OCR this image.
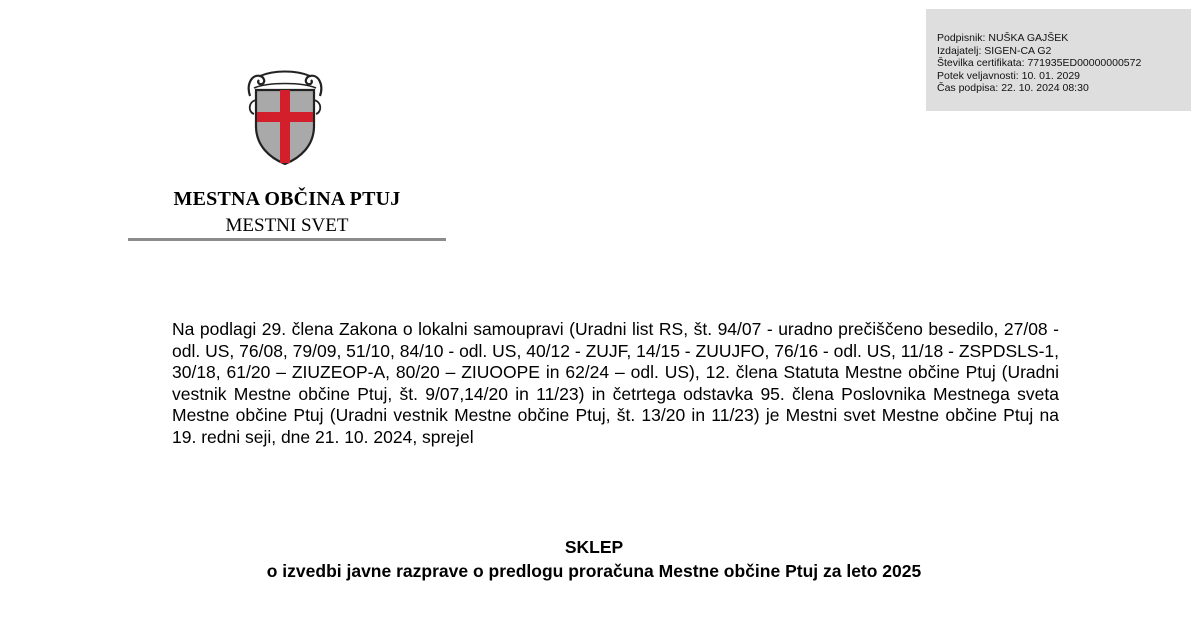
Podpisnik: NUŠKA GAJŠEK
Izdajatelj: SIGEN-CA G2
Številka certifikata: 771935ED00000000572
Potek veljavnosti: 10. 01. 2029
Čas podpisa: 22. 10. 2024 08:30
MESTNA OBČINA PTUJ
MESTNI SVET
Na podlagi 29. člena Zakona o lokalni samoupravi (Uradni list RS, št. 94/07 - uradno prečiščeno besedilo, 27/08 - odl. US, 76/08, 79/09, 51/10, 84/10 - odl. US, 40/12 - ZUJF, 14/15 - ZUUJFO, 76/16 - odl. US, 11/18 - ZSPDSLS-1, 30/18, 61/20 – ZIUZEOP-A, 80/20 – ZIUOOPE in 62/24 – odl. US), 12. člena Statuta Mestne občine Ptuj (Uradni vestnik Mestne občine Ptuj, št. 9/07,14/20 in 11/23) in četrtega odstavka 95. člena Poslovnika Mestnega sveta Mestne občine Ptuj (Uradni vestnik Mestne občine Ptuj, št. 13/20 in 11/23) je Mestni svet Mestne občine Ptuj na 19. redni seji, dne 21. 10. 2024, sprejel
SKLEP
o izvedbi javne razprave o predlogu proračuna Mestne občine Ptuj za leto 2025
